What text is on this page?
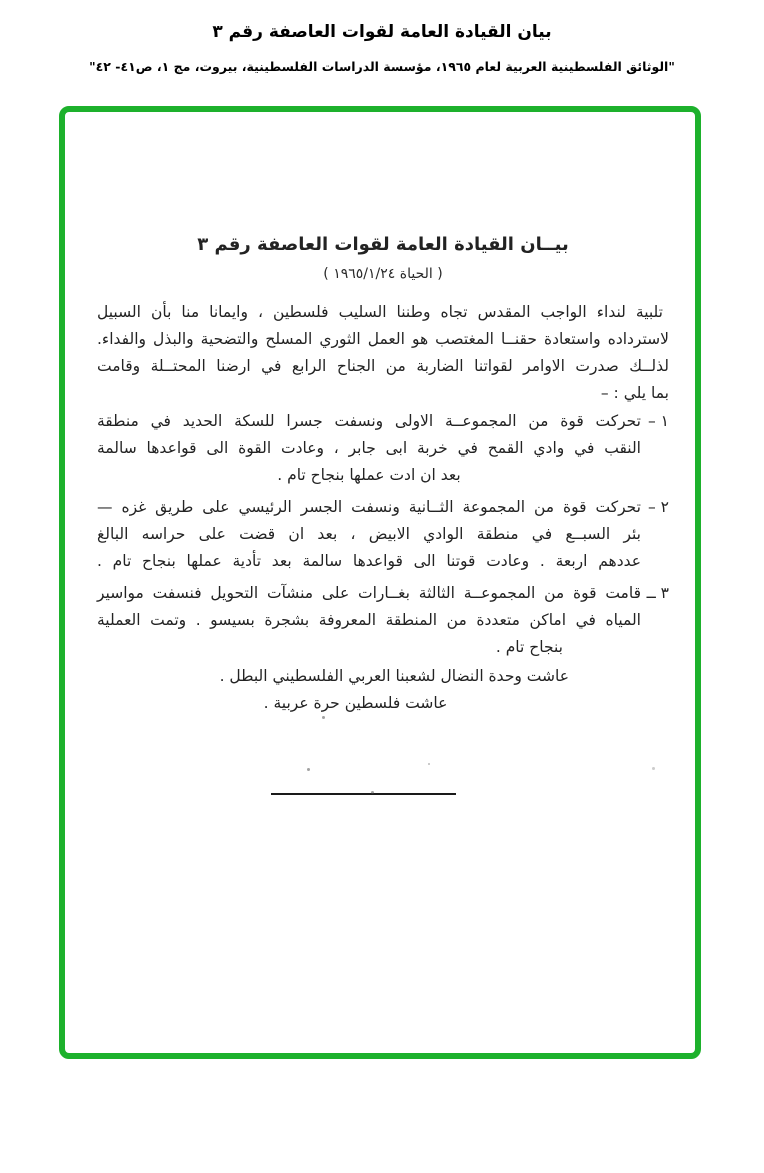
بيان القيادة العامة لقوات العاصفة رقم ٣
"الوثائق الفلسطينية العربية لعام ١٩٦٥، مؤسسة الدراسات الفلسطينية، بيروت، مج ١، ص٤١- ٤٢"
بيــان القيادة العامة لقوات العاصفة رقم ٣
( الحياة ١٩٦٥/١/٢٤ )
تلبية لنداء الواجب المقدس تجاه وطننا السليب فلسطين ، وايمانا منا بأن السبيل
لاسترداده واستعادة حقنــا المغتصب هو العمل الثوري المسلح والتضحية والبذل والفداء.
لذلــك صدرت الاوامر لقواتنا الضاربة من الجناح الرابع في ارضنا المحتــلة وقامت
بما يلي : –
١ –
تحركت قوة من المجموعــة الاولى ونسفت جسرا للسكة الحديد في منطقة
النقب في وادي القمح في خربة ابى جابر ، وعادت القوة الى قواعدها سالمة
بعد ان ادت عملها بنجاح تام .
٢ –
تحركت قوة من المجموعة الثــانية ونسفت الجسر الرئيسي على طريق غزه —
بئر السبــع في منطقة الوادي الابيض ، بعد ان قضت على حراسه البالغ
عددهم اربعة . وعادت قوتنا الى قواعدها سالمة بعد تأدية عملها بنجاح تام .
٣ ــ
قامت قوة من المجموعــة الثالثة بغــارات على منشآت التحويل فنسفت مواسير
المياه في اماكن متعددة من المنطقة المعروفة بشجرة بسيسو . وتمت العملية
بنجاح تام .
عاشت وحدة النضال لشعبنا العربي الفلسطيني البطل .
عاشت فلسطين حرة عربية .
